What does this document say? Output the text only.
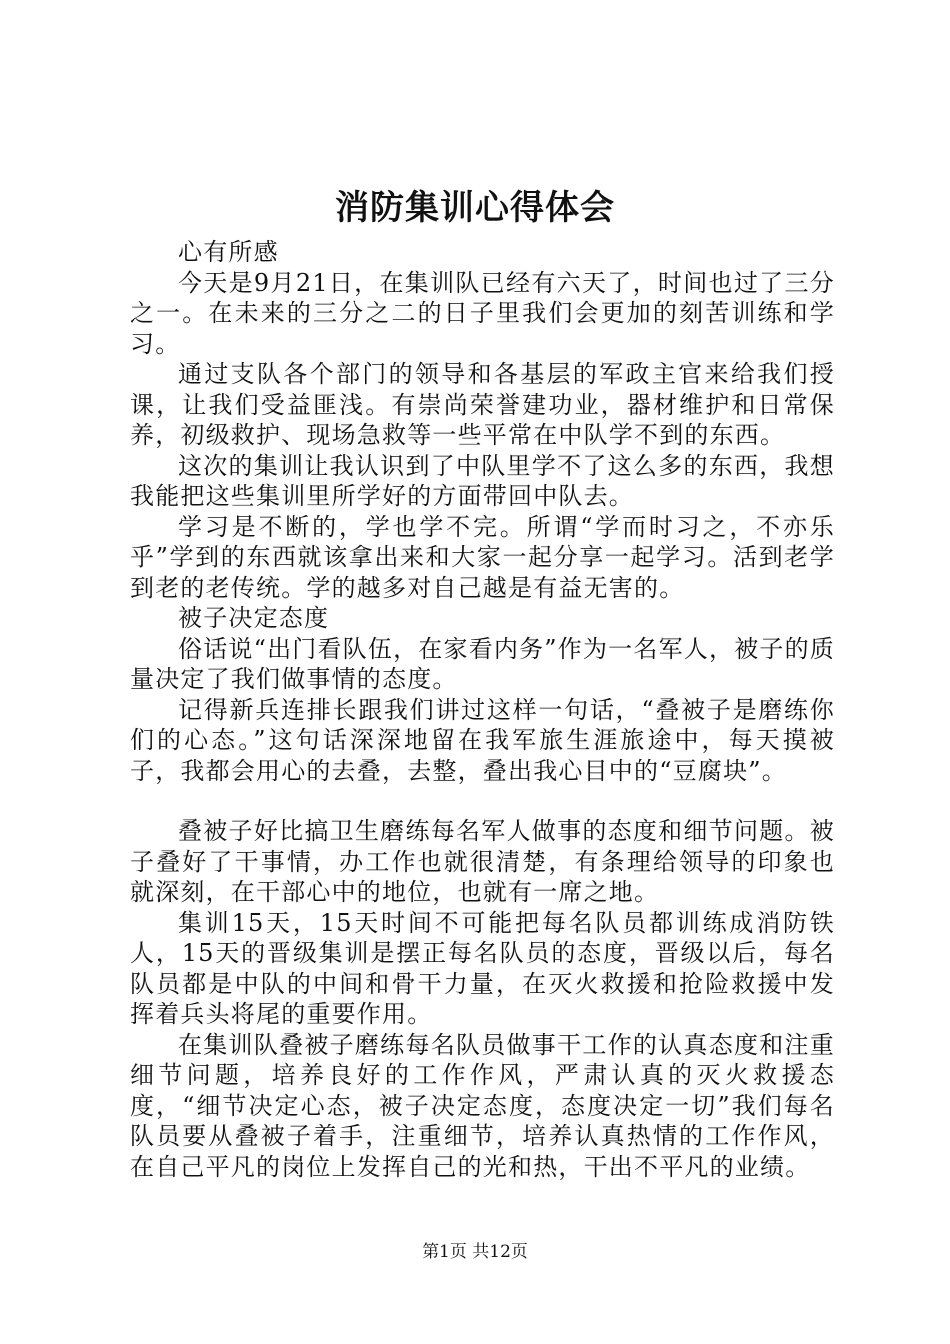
消防集训心得体会

心有所感

今天是9月21日，在集训队已经有六天了，时间也过了三分之一。在未来的三分之二的日子里我们会更加的刻苦训练和学习。

通过支队各个部门的领导和各基层的军政主官来给我们授课，让我们受益匪浅。有崇尚荣誉建功业，器材维护和日常保养，初级救护、现场急救等一些平常在中队学不到的东西。

这次的集训让我认识到了中队里学不了这么多的东西，我想我能把这些集训里所学好的方面带回中队去。

学习是不断的，学也学不完。所谓“学而时习之，不亦乐乎”学到的东西就该拿出来和大家一起分享一起学习。活到老学到老的老传统。学的越多对自己越是有益无害的。

被子决定态度

俗话说“出门看队伍，在家看内务”作为一名军人，被子的质量决定了我们做事情的态度。

记得新兵连排长跟我们讲过这样一句话，“叠被子是磨练你们的心态。”这句话深深地留在我军旅生涯旅途中，每天摸被子，我都会用心的去叠，去整，叠出我心目中的“豆腐块”。

叠被子好比搞卫生磨练每名军人做事的态度和细节问题。被子叠好了干事情，办工作也就很清楚，有条理给领导的印象也就深刻，在干部心中的地位，也就有一席之地。

集训15天，15天时间不可能把每名队员都训练成消防铁人，15天的晋级集训是摆正每名队员的态度，晋级以后，每名队员都是中队的中间和骨干力量，在灭火救援和抢险救援中发挥着兵头将尾的重要作用。

在集训队叠被子磨练每名队员做事干工作的认真态度和注重细节问题，培养良好的工作作风，严肃认真的灭火救援态度，“细节决定心态，被子决定态度，态度决定一切”我们每名队员要从叠被子着手，注重细节，培养认真热情的工作作风，在自己平凡的岗位上发挥自己的光和热，干出不平凡的业绩。

第1页 共12页
